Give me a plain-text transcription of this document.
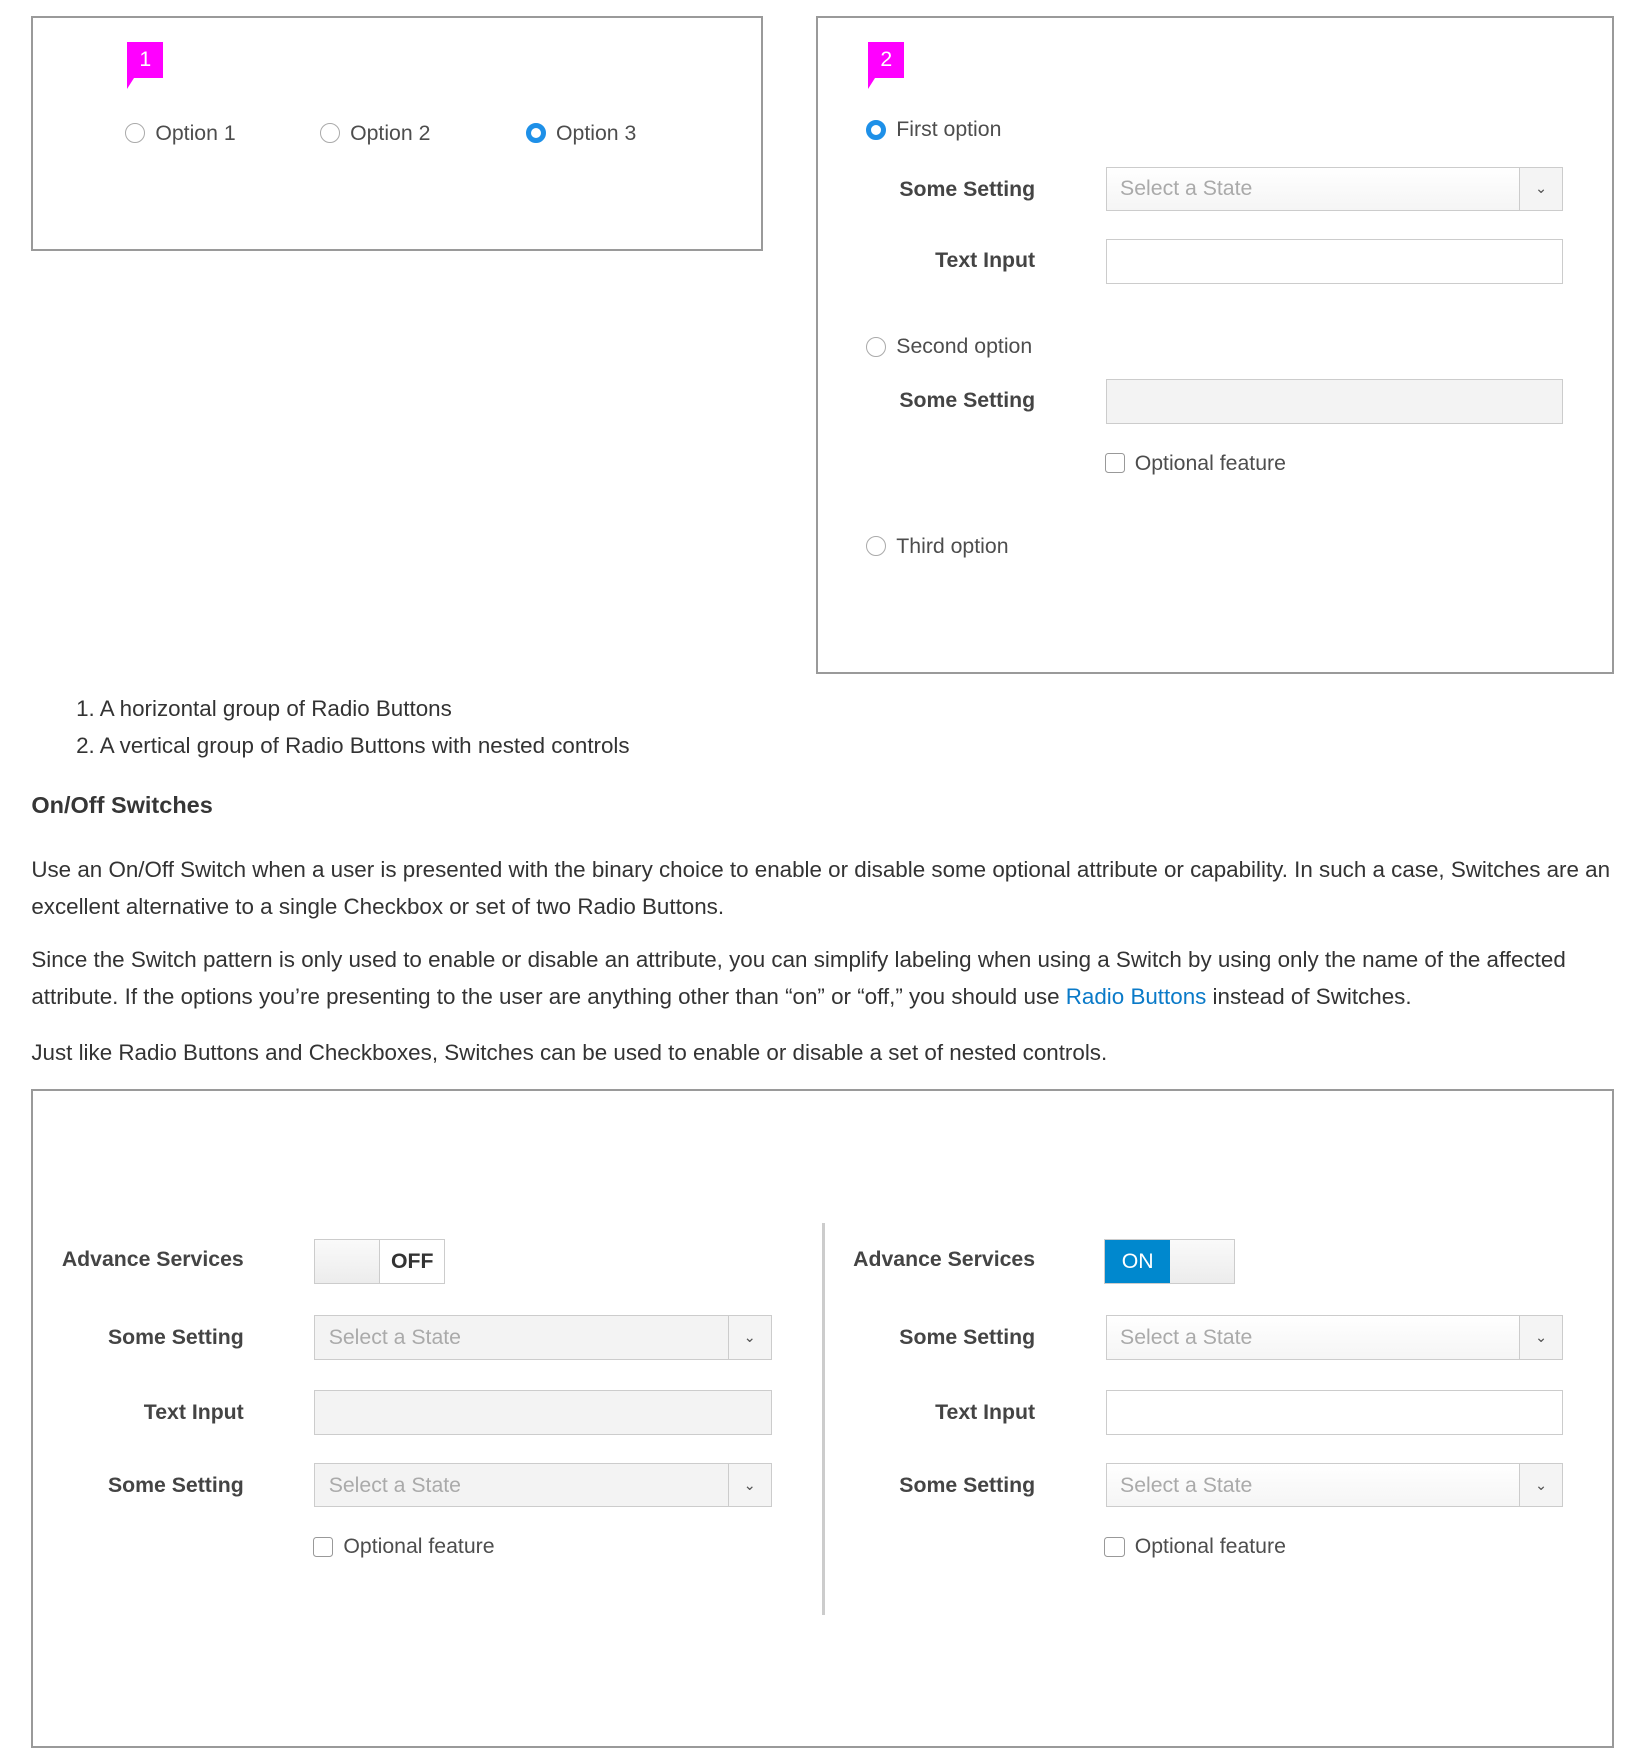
1
Option 1	Option 2	Option 3
2
First option
Some Setting	Select a State	⌄
Text Input
Second option
Some Setting
Optional feature
Third option
1. A horizontal group of Radio Buttons
2. A vertical group of Radio Buttons with nested controls
On/Off Switches

Use an On/Off Switch when a user is presented with the binary choice to enable or disable some optional attribute or capability. In such a case, Switches are an excellent alternative to a single Checkbox or set of two Radio Buttons.

Since the Switch pattern is only used to enable or disable an attribute, you can simplify labeling when using a Switch by using only the name of the affected attribute. If the options you’re presenting to the user are anything other than “on” or “off,” you should use Radio Buttons instead of Switches.

Just like Radio Buttons and Checkboxes, Switches can be used to enable or disable a set of nested controls.

Advance Services	OFF
Some Setting	Select a State	⌄
Text Input
Some Setting	Select a State	⌄
Optional feature
Advance Services	ON
Some Setting	Select a State	⌄
Text Input
Some Setting	Select a State	⌄
Optional feature
